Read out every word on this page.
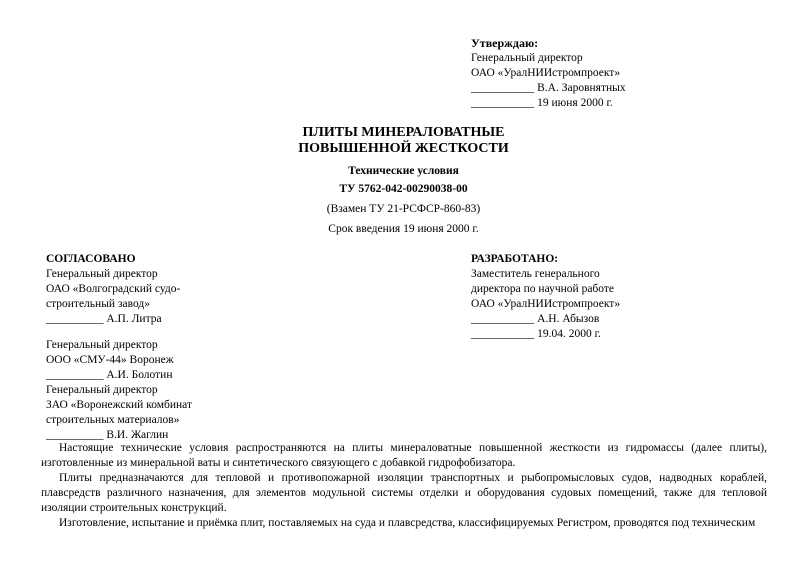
Утверждаю:
Генеральный директор
ОАО «УралНИИстромпроект»
___________ В.А. Заровнятных
___________ 19 июня 2000 г.
ПЛИТЫ МИНЕРАЛОВАТНЫЕ
ПОВЫШЕННОЙ ЖЕСТКОСТИ
Технические условия
ТУ 5762-042-00290038-00
(Взамен ТУ 21-РСФСР-860-83)
Срок введения 19 июня 2000 г.
СОГЛАСОВАНО
Генеральный директор
ОАО «Волгоградский судо-
строительный завод»
__________ А.П. Литра
Генеральный директор
ООО «СМУ-44» Воронеж
__________ А.И. Болотин
Генеральный директор
ЗАО «Воронежский комбинат
строительных материалов»
__________ В.И. Жаглин
РАЗРАБОТАНО:
Заместитель генерального
директора по научной работе
ОАО «УралНИИстромпроект»
___________ А.Н. Абызов
___________ 19.04. 2000 г.

Настоящие технические условия распространяются на плиты минераловатные повышенной жесткости из гидромассы (далее плиты), изготовленные из минеральной ваты и синтетического связующего с добавкой гидрофобизатора.

Плиты предназначаются для тепловой и противопожарной изоляции транспортных и рыбопромысловых судов, надводных кораблей, плавсредств различного назначения, для элементов модульной системы отделки и оборудования судовых помещений, также для тепловой изоляции строительных конструкций.

Изготовление, испытание и приёмка плит, поставляемых на суда и плавсредства, классифицируемых Регистром, проводятся под техническим
